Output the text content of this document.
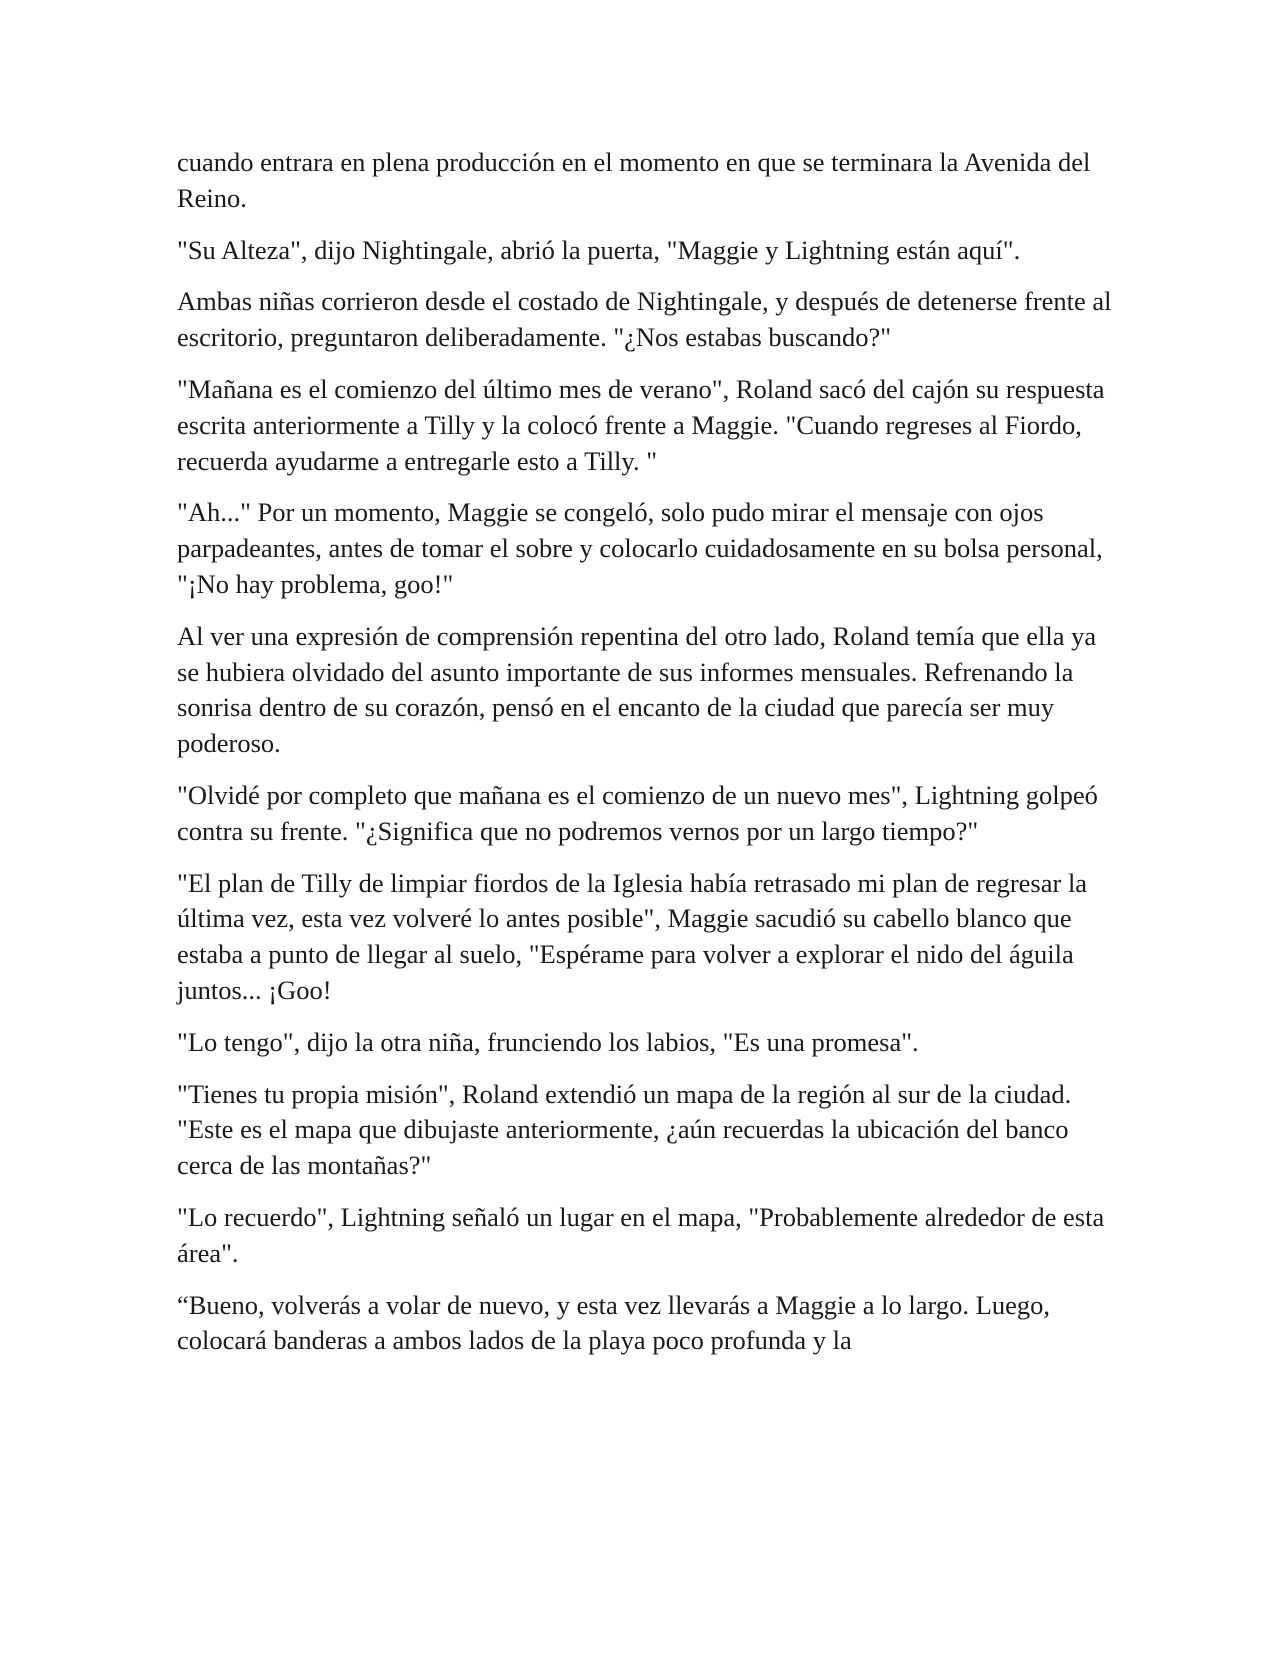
cuando entrara en plena producción en el momento en que se terminara la Avenida del Reino.

"Su Alteza", dijo Nightingale, abrió la puerta, "Maggie y Lightning están aquí".

Ambas niñas corrieron desde el costado de Nightingale, y después de detenerse frente al escritorio, preguntaron deliberadamente. "¿Nos estabas buscando?"

"Mañana es el comienzo del último mes de verano", Roland sacó del cajón su respuesta escrita anteriormente a Tilly y la colocó frente a Maggie. "Cuando regreses al Fiordo, recuerda ayudarme a entregarle esto a Tilly. "

"Ah..." Por un momento, Maggie se congeló, solo pudo mirar el mensaje con ojos parpadeantes, antes de tomar el sobre y colocarlo cuidadosamente en su bolsa personal, "¡No hay problema, goo!"

Al ver una expresión de comprensión repentina del otro lado, Roland temía que ella ya se hubiera olvidado del asunto importante de sus informes mensuales. Refrenando la sonrisa dentro de su corazón, pensó en el encanto de la ciudad que parecía ser muy poderoso.

"Olvidé por completo que mañana es el comienzo de un nuevo mes", Lightning golpeó contra su frente. "¿Significa que no podremos vernos por un largo tiempo?"

"El plan de Tilly de limpiar fiordos de la Iglesia había retrasado mi plan de regresar la última vez, esta vez volveré lo antes posible", Maggie sacudió su cabello blanco que estaba a punto de llegar al suelo, "Espérame para volver a explorar el nido del águila juntos... ¡Goo!

"Lo tengo", dijo la otra niña, frunciendo los labios, "Es una promesa".

"Tienes tu propia misión", Roland extendió un mapa de la región al sur de la ciudad. "Este es el mapa que dibujaste anteriormente, ¿aún recuerdas la ubicación del banco cerca de las montañas?"

"Lo recuerdo", Lightning señaló un lugar en el mapa, "Probablemente alrededor de esta área".

“Bueno, volverás a volar de nuevo, y esta vez llevarás a Maggie a lo largo. Luego, colocará banderas a ambos lados de la playa poco profunda y la
